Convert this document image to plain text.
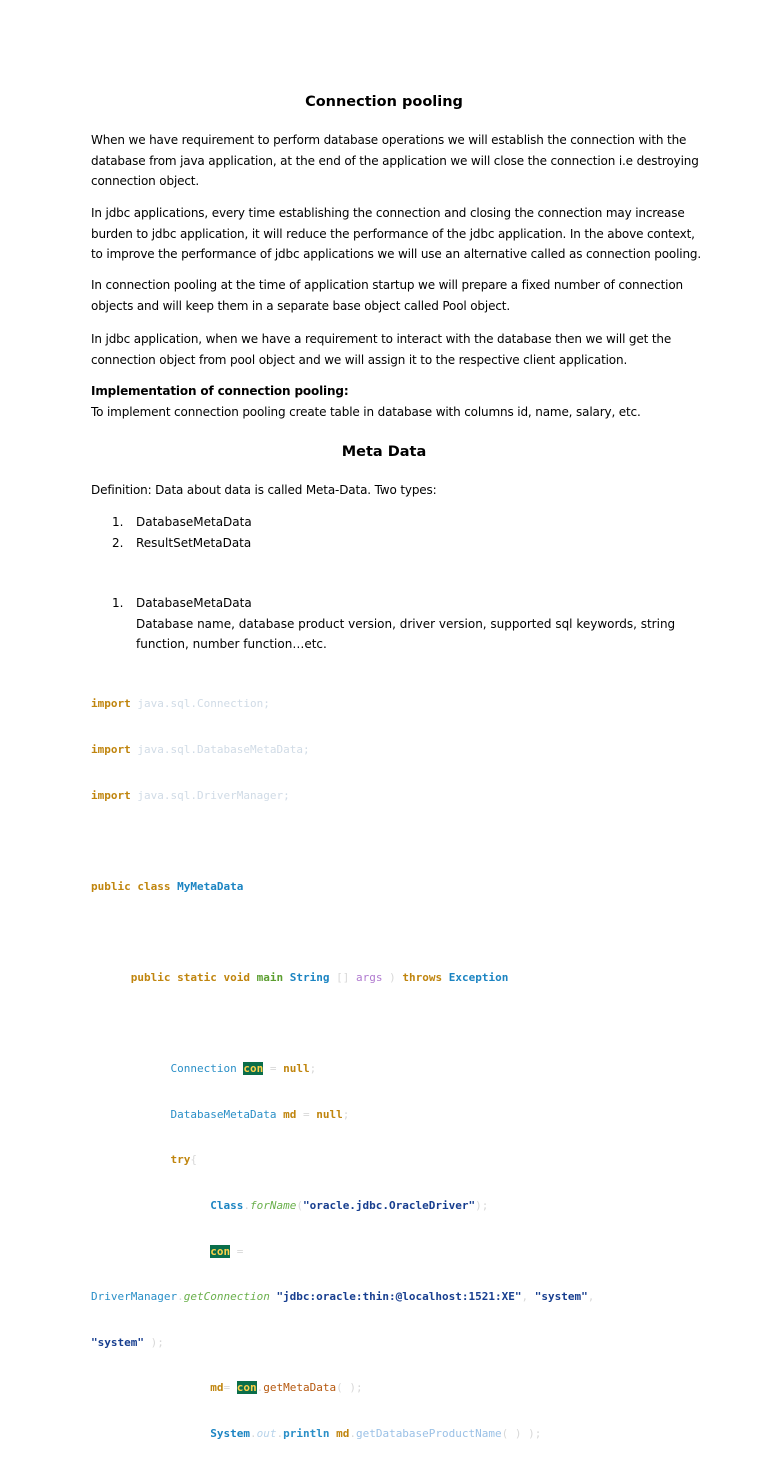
Connection pooling
When we have requirement to perform database operations we will establish the connection with the
database from java application, at the end of the application we will close the connection i.e destroying
connection object.
In jdbc applications, every time establishing the connection and closing the connection may increase
burden to jdbc application, it will reduce the performance of the jdbc application. In the above context,
to improve the performance of jdbc applications we will use an alternative called as connection pooling.
In connection pooling at the time of application startup we will prepare a fixed number of connection
objects and will keep them in a separate base object called Pool object.
In jdbc application, when we have a requirement to interact with the database then we will get the
connection object from pool object and we will assign it to the respective client application.
Implementation of connection pooling:
To implement connection pooling create table in database with columns id, name, salary, etc.
Meta Data
Definition: Data about data is called Meta-Data. Two types:
1. DatabaseMetaData
2. ResultSetMetaData
1. DatabaseMetaData
Database name, database product version, driver version, supported sql keywords, string
function, number function…etc.

import java.sql.Connection;

import java.sql.DatabaseMetaData;

import java.sql.DriverManager;

public class MyMetaData

public static void main String [] args ) throws Exception

Connection con = null;

DatabaseMetaData md = null;

try{

Class.forName("oracle.jdbc.OracleDriver");

con =

DriverManager.getConnection "jdbc:oracle:thin:@localhost:1521:XE", "system",

"system" );

md= con.getMetaData( );

System.out.println md.getDatabaseProductName( ) );
